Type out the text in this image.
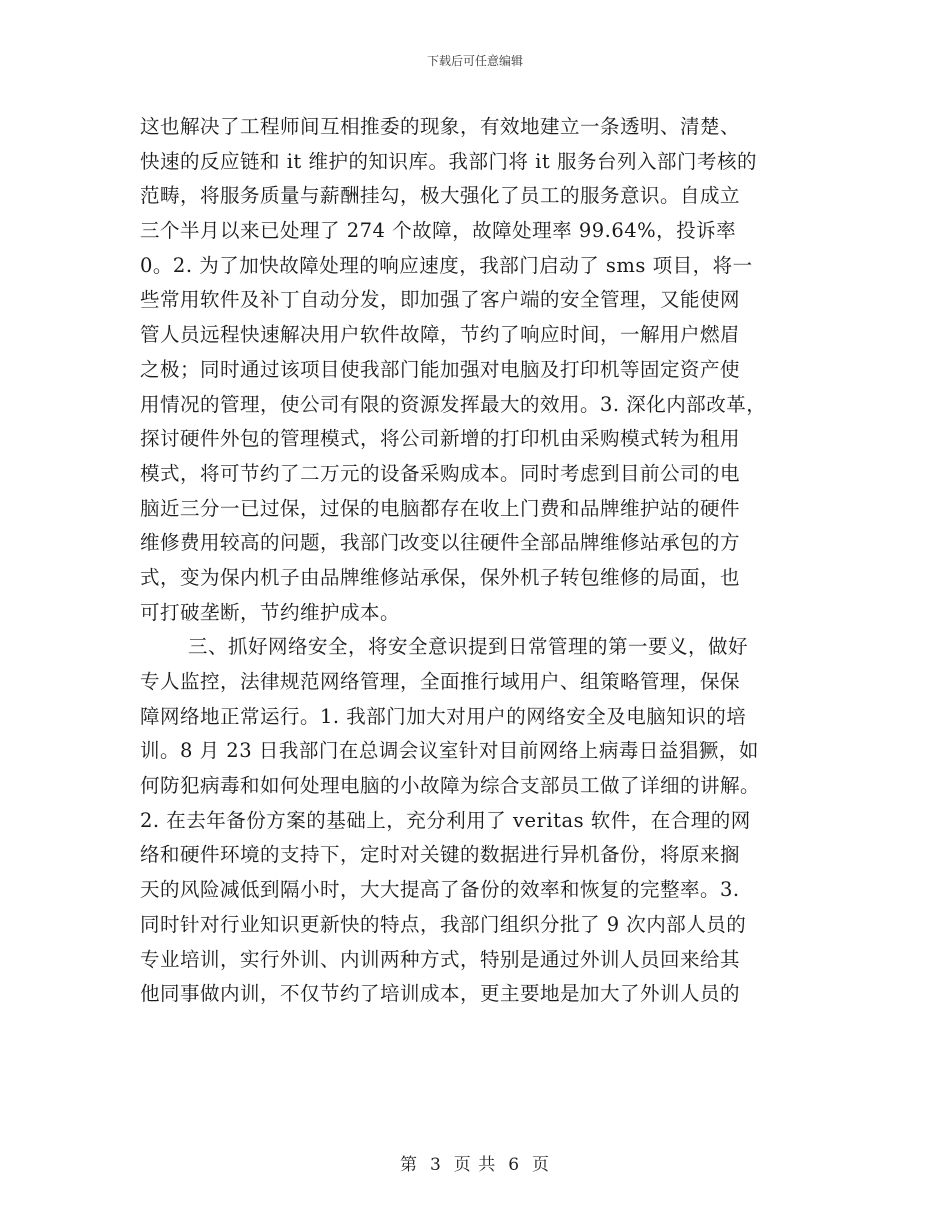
下载后可任意编辑
这也解决了工程师间互相推委的现象，有效地建立一条透明、清楚、
快速的反应链和 it 维护的知识库。我部门将 it 服务台列入部门考核的
范畴，将服务质量与薪酬挂勾，极大强化了员工的服务意识。自成立
三个半月以来已处理了 274 个故障，故障处理率 99.64%，投诉率
0。2. 为了加快故障处理的响应速度，我部门启动了 sms 项目，将一
些常用软件及补丁自动分发，即加强了客户端的安全管理，又能使网
管人员远程快速解决用户软件故障，节约了响应时间，一解用户燃眉
之极；同时通过该项目使我部门能加强对电脑及打印机等固定资产使
用情况的管理，使公司有限的资源发挥最大的效用。3. 深化内部改革，
探讨硬件外包的管理模式，将公司新增的打印机由采购模式转为租用
模式，将可节约了二万元的设备采购成本。同时考虑到目前公司的电
脑近三分一已过保，过保的电脑都存在收上门费和品牌维护站的硬件
维修费用较高的问题，我部门改变以往硬件全部品牌维修站承包的方
式，变为保内机子由品牌维修站承保，保外机子转包维修的局面，也
可打破垄断，节约维护成本。
三、抓好网络安全，将安全意识提到日常管理的第一要义，做好
专人监控，法律规范网络管理，全面推行域用户、组策略管理，保保
障网络地正常运行。1. 我部门加大对用户的网络安全及电脑知识的培
训。8 月 23 日我部门在总调会议室针对目前网络上病毒日益猖獗，如
何防犯病毒和如何处理电脑的小故障为综合支部员工做了详细的讲解。
2. 在去年备份方案的基础上，充分利用了 veritas 软件，在合理的网
络和硬件环境的支持下，定时对关键的数据进行异机备份，将原来搁
天的风险减低到隔小时，大大提高了备份的效率和恢复的完整率。3.
同时针对行业知识更新快的特点，我部门组织分批了 9 次内部人员的
专业培训，实行外训、内训两种方式，特别是通过外训人员回来给其
他同事做内训，不仅节约了培训成本，更主要地是加大了外训人员的
第 3 页 共 6 页
